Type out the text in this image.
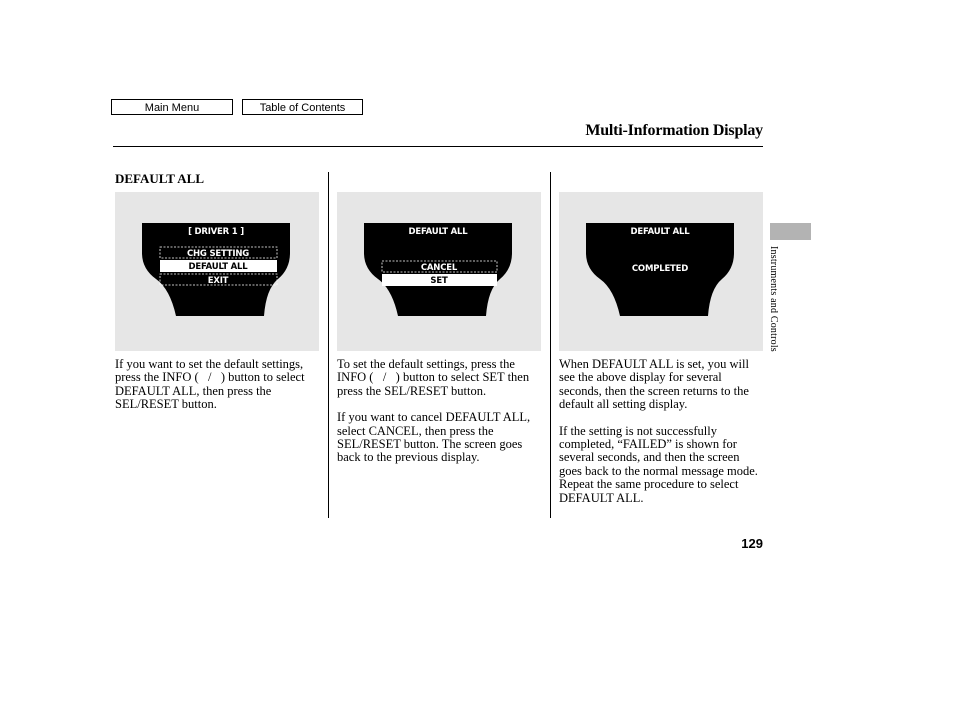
Main Menu	Table of Contents
Multi-Information Display
DEFAULT ALL
[ DRIVER 1 ]
CHG SETTING
DEFAULT ALL
EXIT
DEFAULT ALL
CANCEL
SET
DEFAULT ALL
COMPLETED

If you want to set the default settings, press the INFO (   /   ) button to select DEFAULT ALL, then press the SEL/RESET button.

To set the default settings, press the INFO (   /   ) button to select SET then press the SEL/RESET button.

If you want to cancel DEFAULT ALL, select CANCEL, then press the SEL/RESET button. The screen goes back to the previous display.

When DEFAULT ALL is set, you will see the above display for several seconds, then the screen returns to the default all setting display.

If the setting is not successfully completed, “FAILED” is shown for several seconds, and then the screen goes back to the normal message mode. Repeat the same procedure to select DEFAULT ALL.

Instruments and Controls
129
